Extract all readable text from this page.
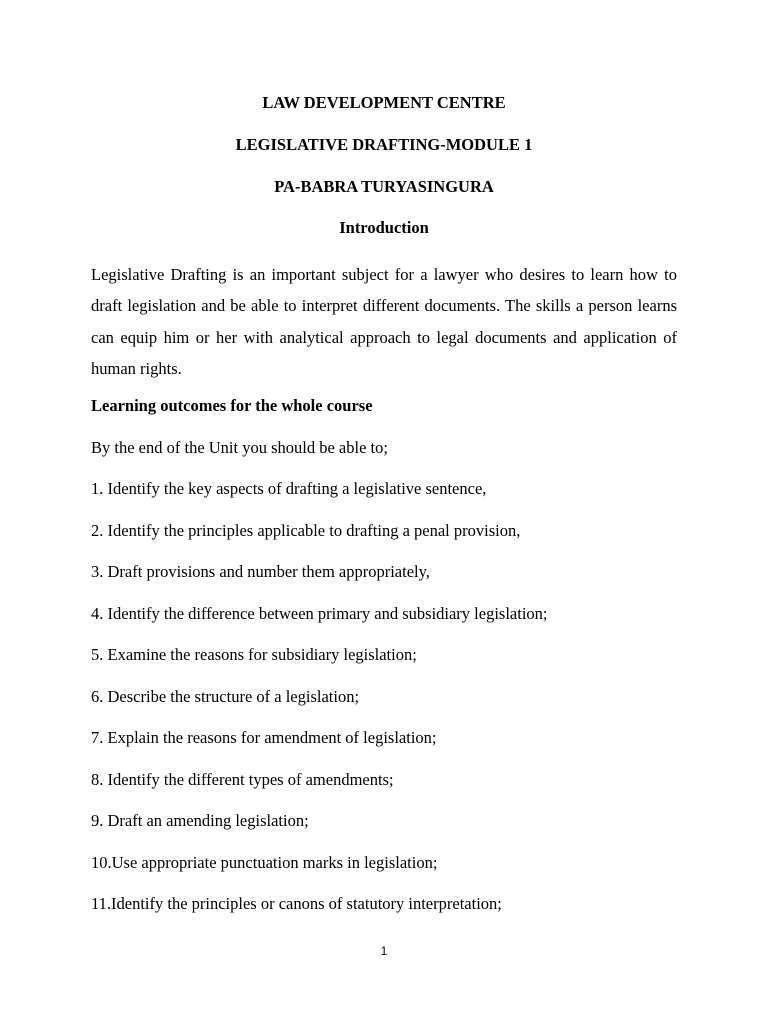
LAW DEVELOPMENT CENTRE
LEGISLATIVE DRAFTING-MODULE 1
PA-BABRA TURYASINGURA
Introduction

Legislative Drafting is an important subject for a lawyer who desires to learn how to draft legislation and be able to interpret different documents. The skills a person learns can equip him or her with analytical approach to legal documents and application of human rights.

Learning outcomes for the whole course
By the end of the Unit you should be able to;
1. Identify the key aspects of drafting a legislative sentence,
2. Identify the principles applicable to drafting a penal provision,
3. Draft provisions and number them appropriately,
4. Identify the difference between primary and subsidiary legislation;
5. Examine the reasons for subsidiary legislation;
6. Describe the structure of a legislation;
7. Explain the reasons for amendment of legislation;
8. Identify the different types of amendments;
9. Draft an amending legislation;
10.Use appropriate punctuation marks in legislation;
11.Identify the principles or canons of statutory interpretation;
1
